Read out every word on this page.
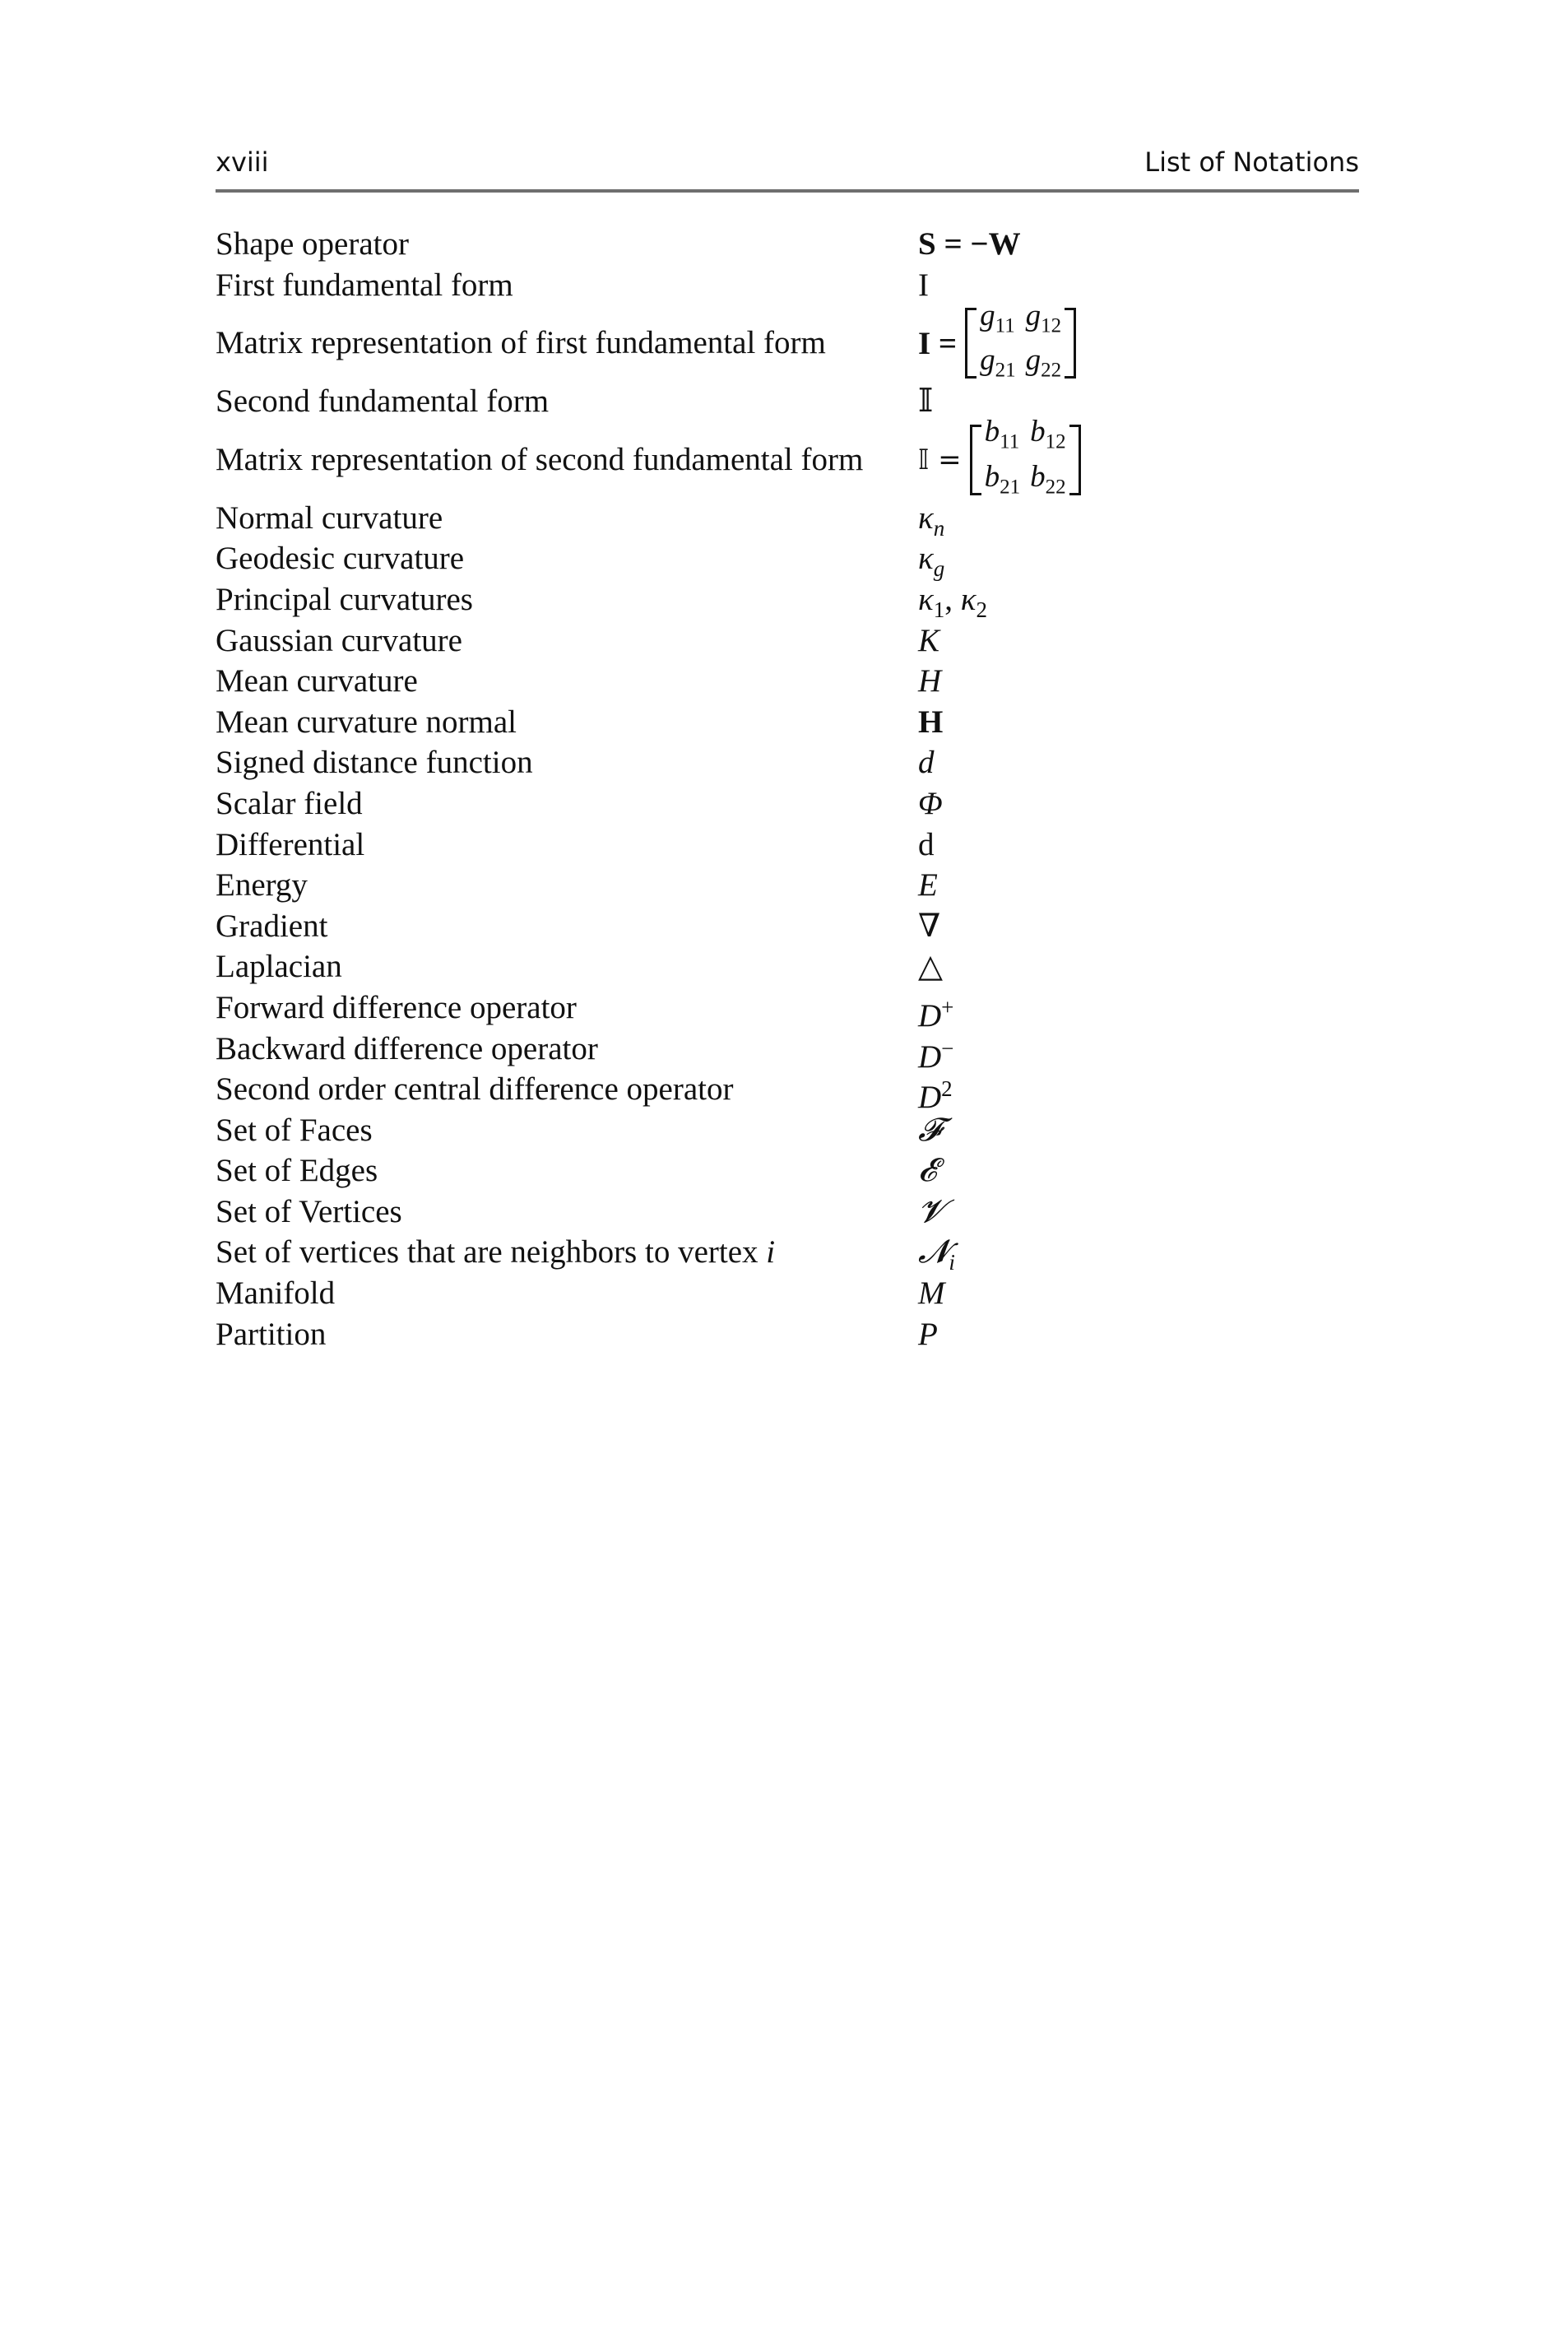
xviii	List of Notations
Shape operator	S = −W
First fundamental form	I
Matrix representation of first fundamental form	I =
$g_{11}$ $g_{12}$
$g_{21}$ $g_{22}$
Second fundamental form	𝕀
Matrix representation of second fundamental form 𝕀 =
$b_{11}$ $b_{12}$
$b_{21}$ $b_{22}$
Normal curvature	$\kappa_n$
Geodesic curvature	$\kappa_g$
Principal curvatures	$\kappa_1$, $\kappa_2$
Gaussian curvature	K
Mean curvature	H
Mean curvature normal	H
Signed distance function	d
Scalar field	Φ
Differential	d
Energy	E
Gradient	∇
Laplacian	△
Forward difference operator	D+
Backward difference operator	D−
Second order central difference operator	$D^2$
Set of Faces	𝓕
Set of Edges	𝓔
Set of Vertices	𝓥
Set of vertices that are neighbors to vertex i	𝓝$_i$
Manifold	M
Partition	P
